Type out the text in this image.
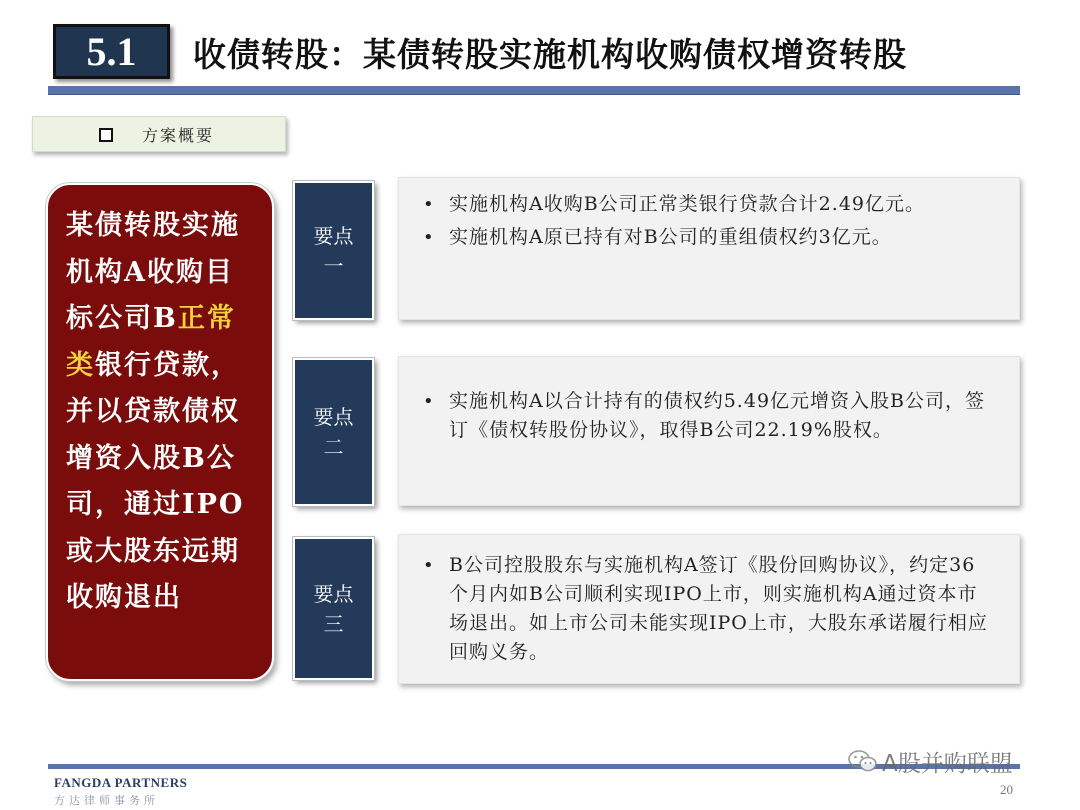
5.1	收债转股：某债转股实施机构收购债权增资转股
方案概要
某债转股实施机构A收购目标公司B正常类银行贷款，并以贷款债权增资入股B公司，通过IPO或大股东远期收购退出
要点
一
• 实施机构A收购B公司正常类银行贷款合计2.49亿元。
• 实施机构A原已持有对B公司的重组债权约3亿元。
要点
二
• 实施机构A以合计持有的债权约5.49亿元增资入股B公司，签订《债权转股份协议》，取得B公司22.19%股权。
要点
三
• B公司控股股东与实施机构A签订《股份回购协议》，约定36个月内如B公司顺利实现IPO上市，则实施机构A通过资本市场退出。如上市公司未能实现IPO上市，大股东承诺履行相应回购义务。
FANGDA PARTNERS
方达律师事务所
A股并购联盟
20
